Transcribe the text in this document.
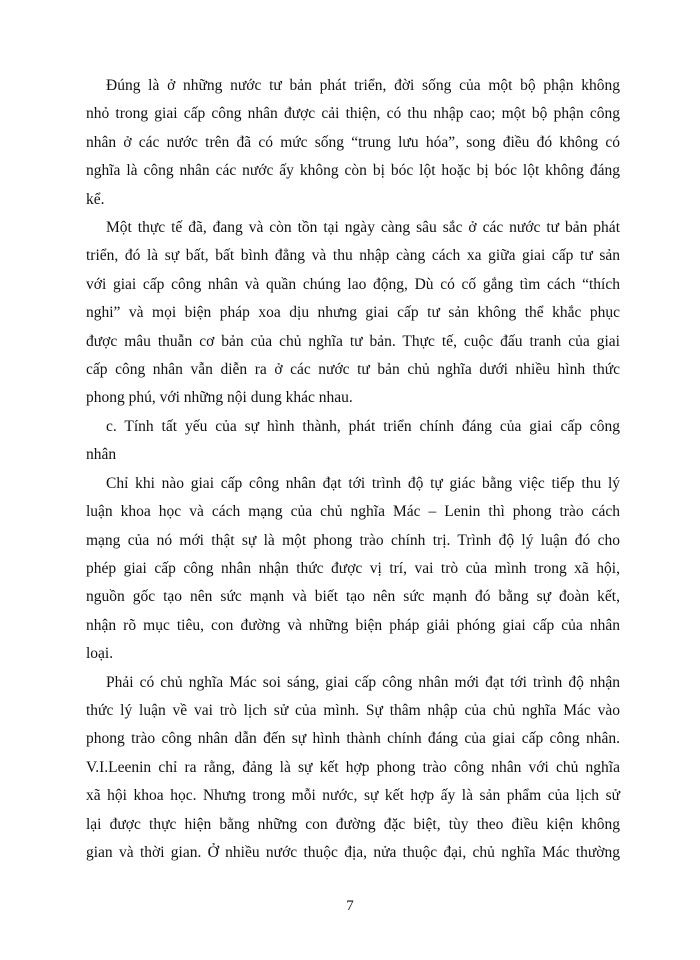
Đúng là ở những nước tư bản phát triển, đời sống của một bộ phận không
nhỏ trong giai cấp công nhân được cải thiện, có thu nhập cao; một bộ phận công
nhân ở các nước trên đã có mức sống “trung lưu hóa”, song điều đó không có
nghĩa là công nhân các nước ấy không còn bị bóc lột hoặc bị bóc lột không đáng
kể.

Một thực tế đã, đang và còn tồn tại ngày càng sâu sắc ở các nước tư bản phát
triển, đó là sự bất, bất bình đẳng và thu nhập càng cách xa giữa giai cấp tư sản
với giai cấp công nhân và quần chúng lao động, Dù có cố gắng tìm cách “thích
nghi” và mọi biện pháp xoa dịu nhưng giai cấp tư sản không thể khắc phục
được mâu thuẫn cơ bản của chủ nghĩa tư bản. Thực tế, cuộc đấu tranh của giai
cấp công nhân vẫn diễn ra ở các nước tư bản chủ nghĩa dưới nhiều hình thức
phong phú, với những nội dung khác nhau.

c. Tính tất yếu của sự hình thành, phát triển chính đáng của giai cấp công
nhân

Chỉ khi nào giai cấp công nhân đạt tới trình độ tự giác bằng việc tiếp thu lý
luận khoa học và cách mạng của chủ nghĩa Mác – Lenin thì phong trào cách
mạng của nó mới thật sự là một phong trào chính trị. Trình độ lý luận đó cho
phép giai cấp công nhân nhận thức được vị trí, vai trò của mình trong xã hội,
nguồn gốc tạo nên sức mạnh và biết tạo nên sức mạnh đó bằng sự đoàn kết,
nhận rõ mục tiêu, con đường và những biện pháp giải phóng giai cấp của nhân
loại.

Phải có chủ nghĩa Mác soi sáng, giai cấp công nhân mới đạt tới trình độ nhận
thức lý luận về vai trò lịch sử của mình. Sự thâm nhập của chủ nghĩa Mác vào
phong trào công nhân dẫn đến sự hình thành chính đáng của giai cấp công nhân.
V.I.Leenin chỉ ra rằng, đảng là sự kết hợp phong trào công nhân với chủ nghĩa
xã hội khoa học. Nhưng trong mỗi nước, sự kết hợp ấy là sản phẩm của lịch sử
lại được thực hiện bằng những con đường đặc biệt, tùy theo điều kiện không
gian và thời gian. Ở nhiều nước thuộc địa, nửa thuộc đại, chủ nghĩa Mác thường

7
